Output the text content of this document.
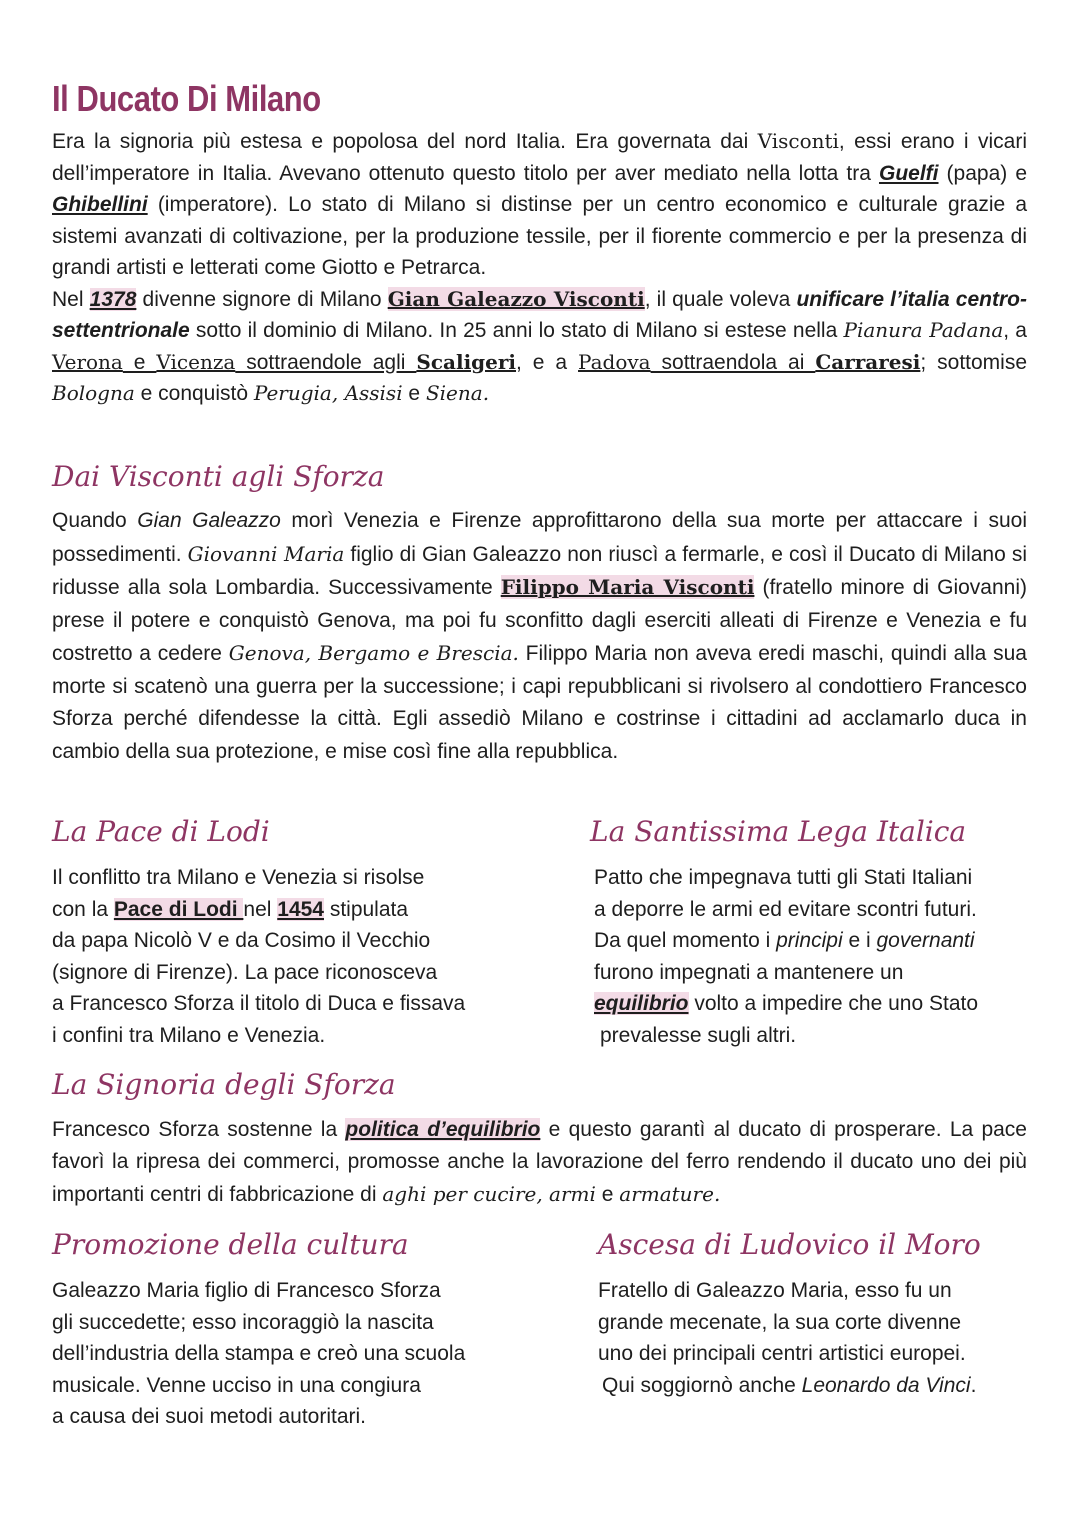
Il Ducato Di Milano

Era la signoria più estesa e popolosa del nord Italia. Era governata dai Visconti, essi erano i vicari dell’imperatore in Italia. Avevano ottenuto questo titolo per aver mediato nella lotta tra Guelfi (papa) e Ghibellini (imperatore). Lo stato di Milano si distinse per un centro economico e culturale grazie a sistemi avanzati di coltivazione, per la produzione tessile, per il fiorente commercio e per la presenza di grandi artisti e letterati come Giotto e Petrarca.
Nel 1378 divenne signore di Milano Gian Galeazzo Visconti, il quale voleva unificare l’italia centro-settentrionale sotto il dominio di Milano. In 25 anni lo stato di Milano si estese nella Pianura Padana, a Verona e Vicenza sottraendole agli Scaligeri, e a Padova sottraendola ai Carraresi; sottomise Bologna e conquistò Perugia, Assisi e Siena.

Dai Visconti agli Sforza

Quando Gian Galeazzo morì Venezia e Firenze approfittarono della sua morte per attaccare i suoi possedimenti. Giovanni Maria figlio di Gian Galeazzo non riuscì a fermarle, e così il Ducato di Milano si ridusse alla sola Lombardia. Successivamente Filippo Maria Visconti (fratello minore di Giovanni) prese il potere e conquistò Genova, ma poi fu sconfitto dagli eserciti alleati di Firenze e Venezia e fu costretto a cedere Genova, Bergamo e Brescia. Filippo Maria non aveva eredi maschi, quindi alla sua morte si scatenò una guerra per la successione; i capi repubblicani si rivolsero al condottiero Francesco Sforza perché difendesse la città. Egli assediò Milano e costrinse i cittadini ad acclamarlo duca in cambio della sua protezione, e mise così fine alla repubblica.

La Pace di Lodi
Il conflitto tra Milano e Venezia si risolse
con la Pace di Lodi nel 1454 stipulata
da papa Nicolò V e da Cosimo il Vecchio
(signore di Firenze). La pace riconosceva
a Francesco Sforza il titolo di Duca e fissava
i confini tra Milano e Venezia.
La Santissima Lega Italica
Patto che impegnava tutti gli Stati Italiani
a deporre le armi ed evitare scontri futuri.
Da quel momento i principi e i governanti
furono impegnati a mantenere un
equilibrio volto a impedire che uno Stato
prevalesse sugli altri.
La Signoria degli Sforza

Francesco Sforza sostenne la politica d’equilibrio e questo garantì al ducato di prosperare. La pace favorì la ripresa dei commerci, promosse anche la lavorazione del ferro rendendo il ducato uno dei più importanti centri di fabbricazione di aghi per cucire, armi e armature.

Promozione della cultura
Galeazzo Maria figlio di Francesco Sforza
gli succedette; esso incoraggiò la nascita
dell’industria della stampa e creò una scuola
musicale. Venne ucciso in una congiura
a causa dei suoi metodi autoritari.
Ascesa di Ludovico il Moro
Fratello di Galeazzo Maria, esso fu un
grande mecenate, la sua corte divenne
uno dei principali centri artistici europei.
Qui soggiornò anche Leonardo da Vinci.
